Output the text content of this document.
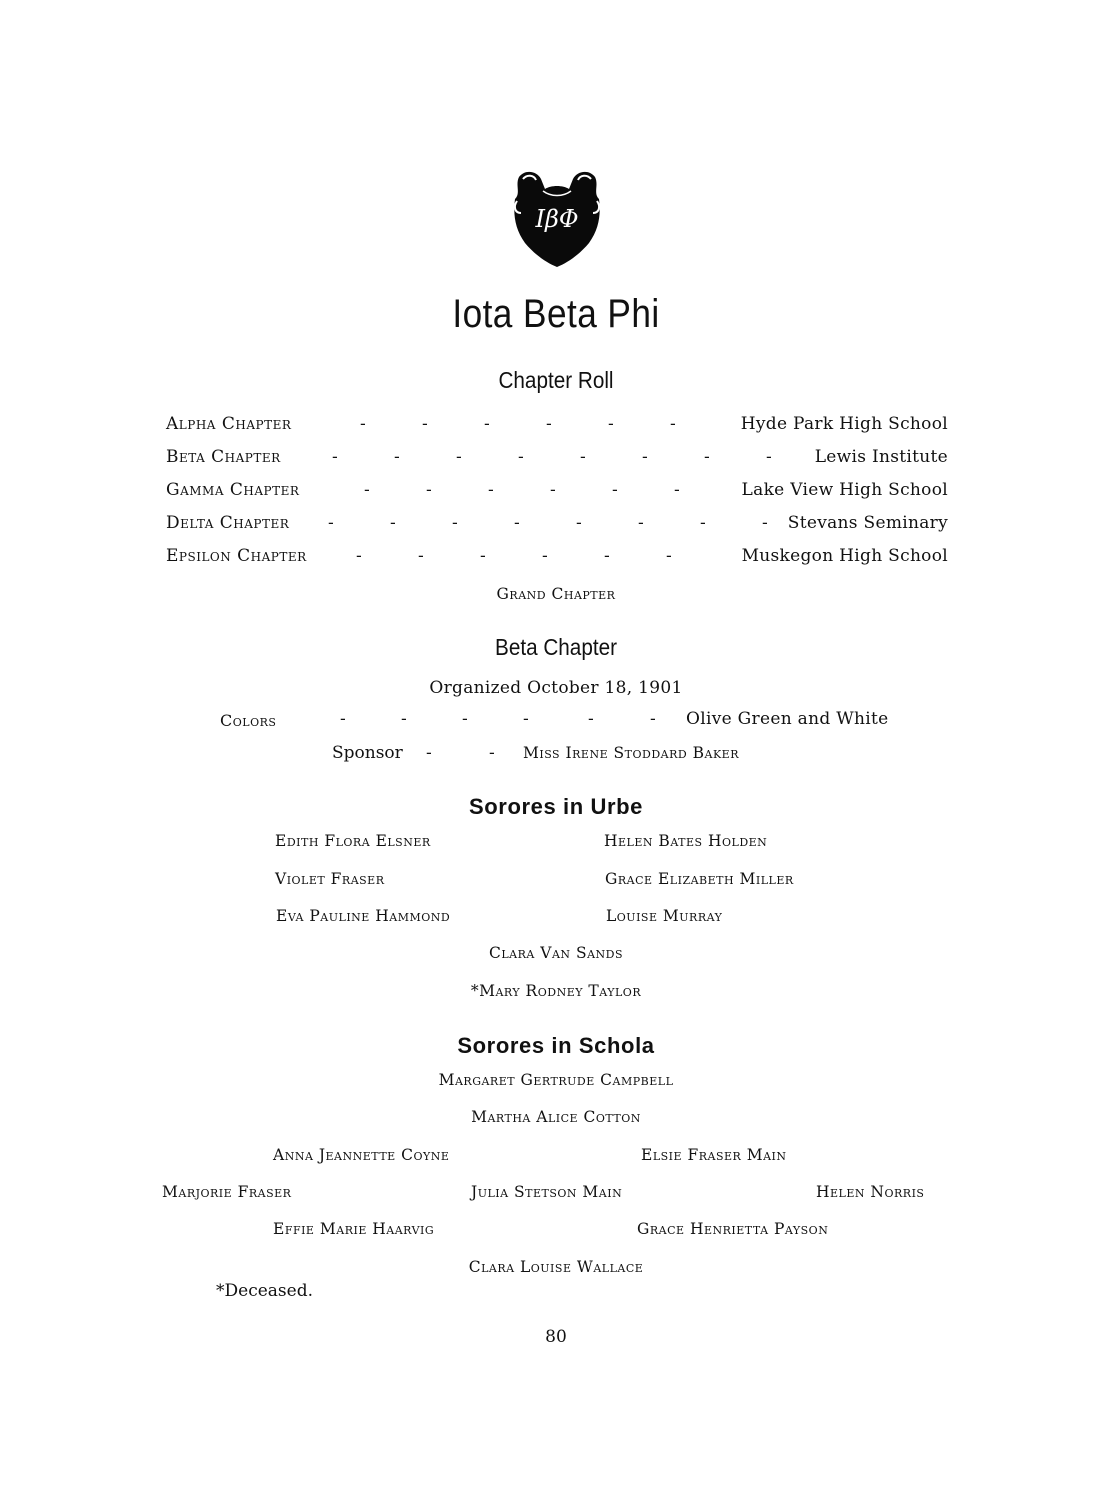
IβΦ
Iota Beta Phi
Chapter Roll
Alpha Chapter	-	-	-	-	-	-	Hyde Park High School
Beta Chapter	-	-	-	-	-	-	-	-	Lewis Institute
Gamma Chapter	-	-	-	-	-	-	Lake View High School
Delta Chapter -	-	-	-	-	-	-	- Stevans Seminary
Epsilon Chapter	-	-	-	-	-	-	Muskegon High School
Grand Chapter
Beta Chapter
Organized October 18, 1901
Colors	-	-	-	-	-	- Olive Green and White
Sponsor -	- Miss Irene Stoddard Baker
Sorores in Urbe
Edith Flora Elsner	Helen Bates Holden
Violet Fraser	Grace Elizabeth Miller
Eva Pauline Hammond	Louise Murray
Clara Van Sands
*Mary Rodney Taylor
Sorores in Schola
Margaret Gertrude Campbell
Martha Alice Cotton
Anna Jeannette Coyne	Elsie Fraser Main
Marjorie Fraser	Julia Stetson Main	Helen Norris
Effie Marie Haarvig	Grace Henrietta Payson
Clara Louise Wallace
*Deceased.
80
